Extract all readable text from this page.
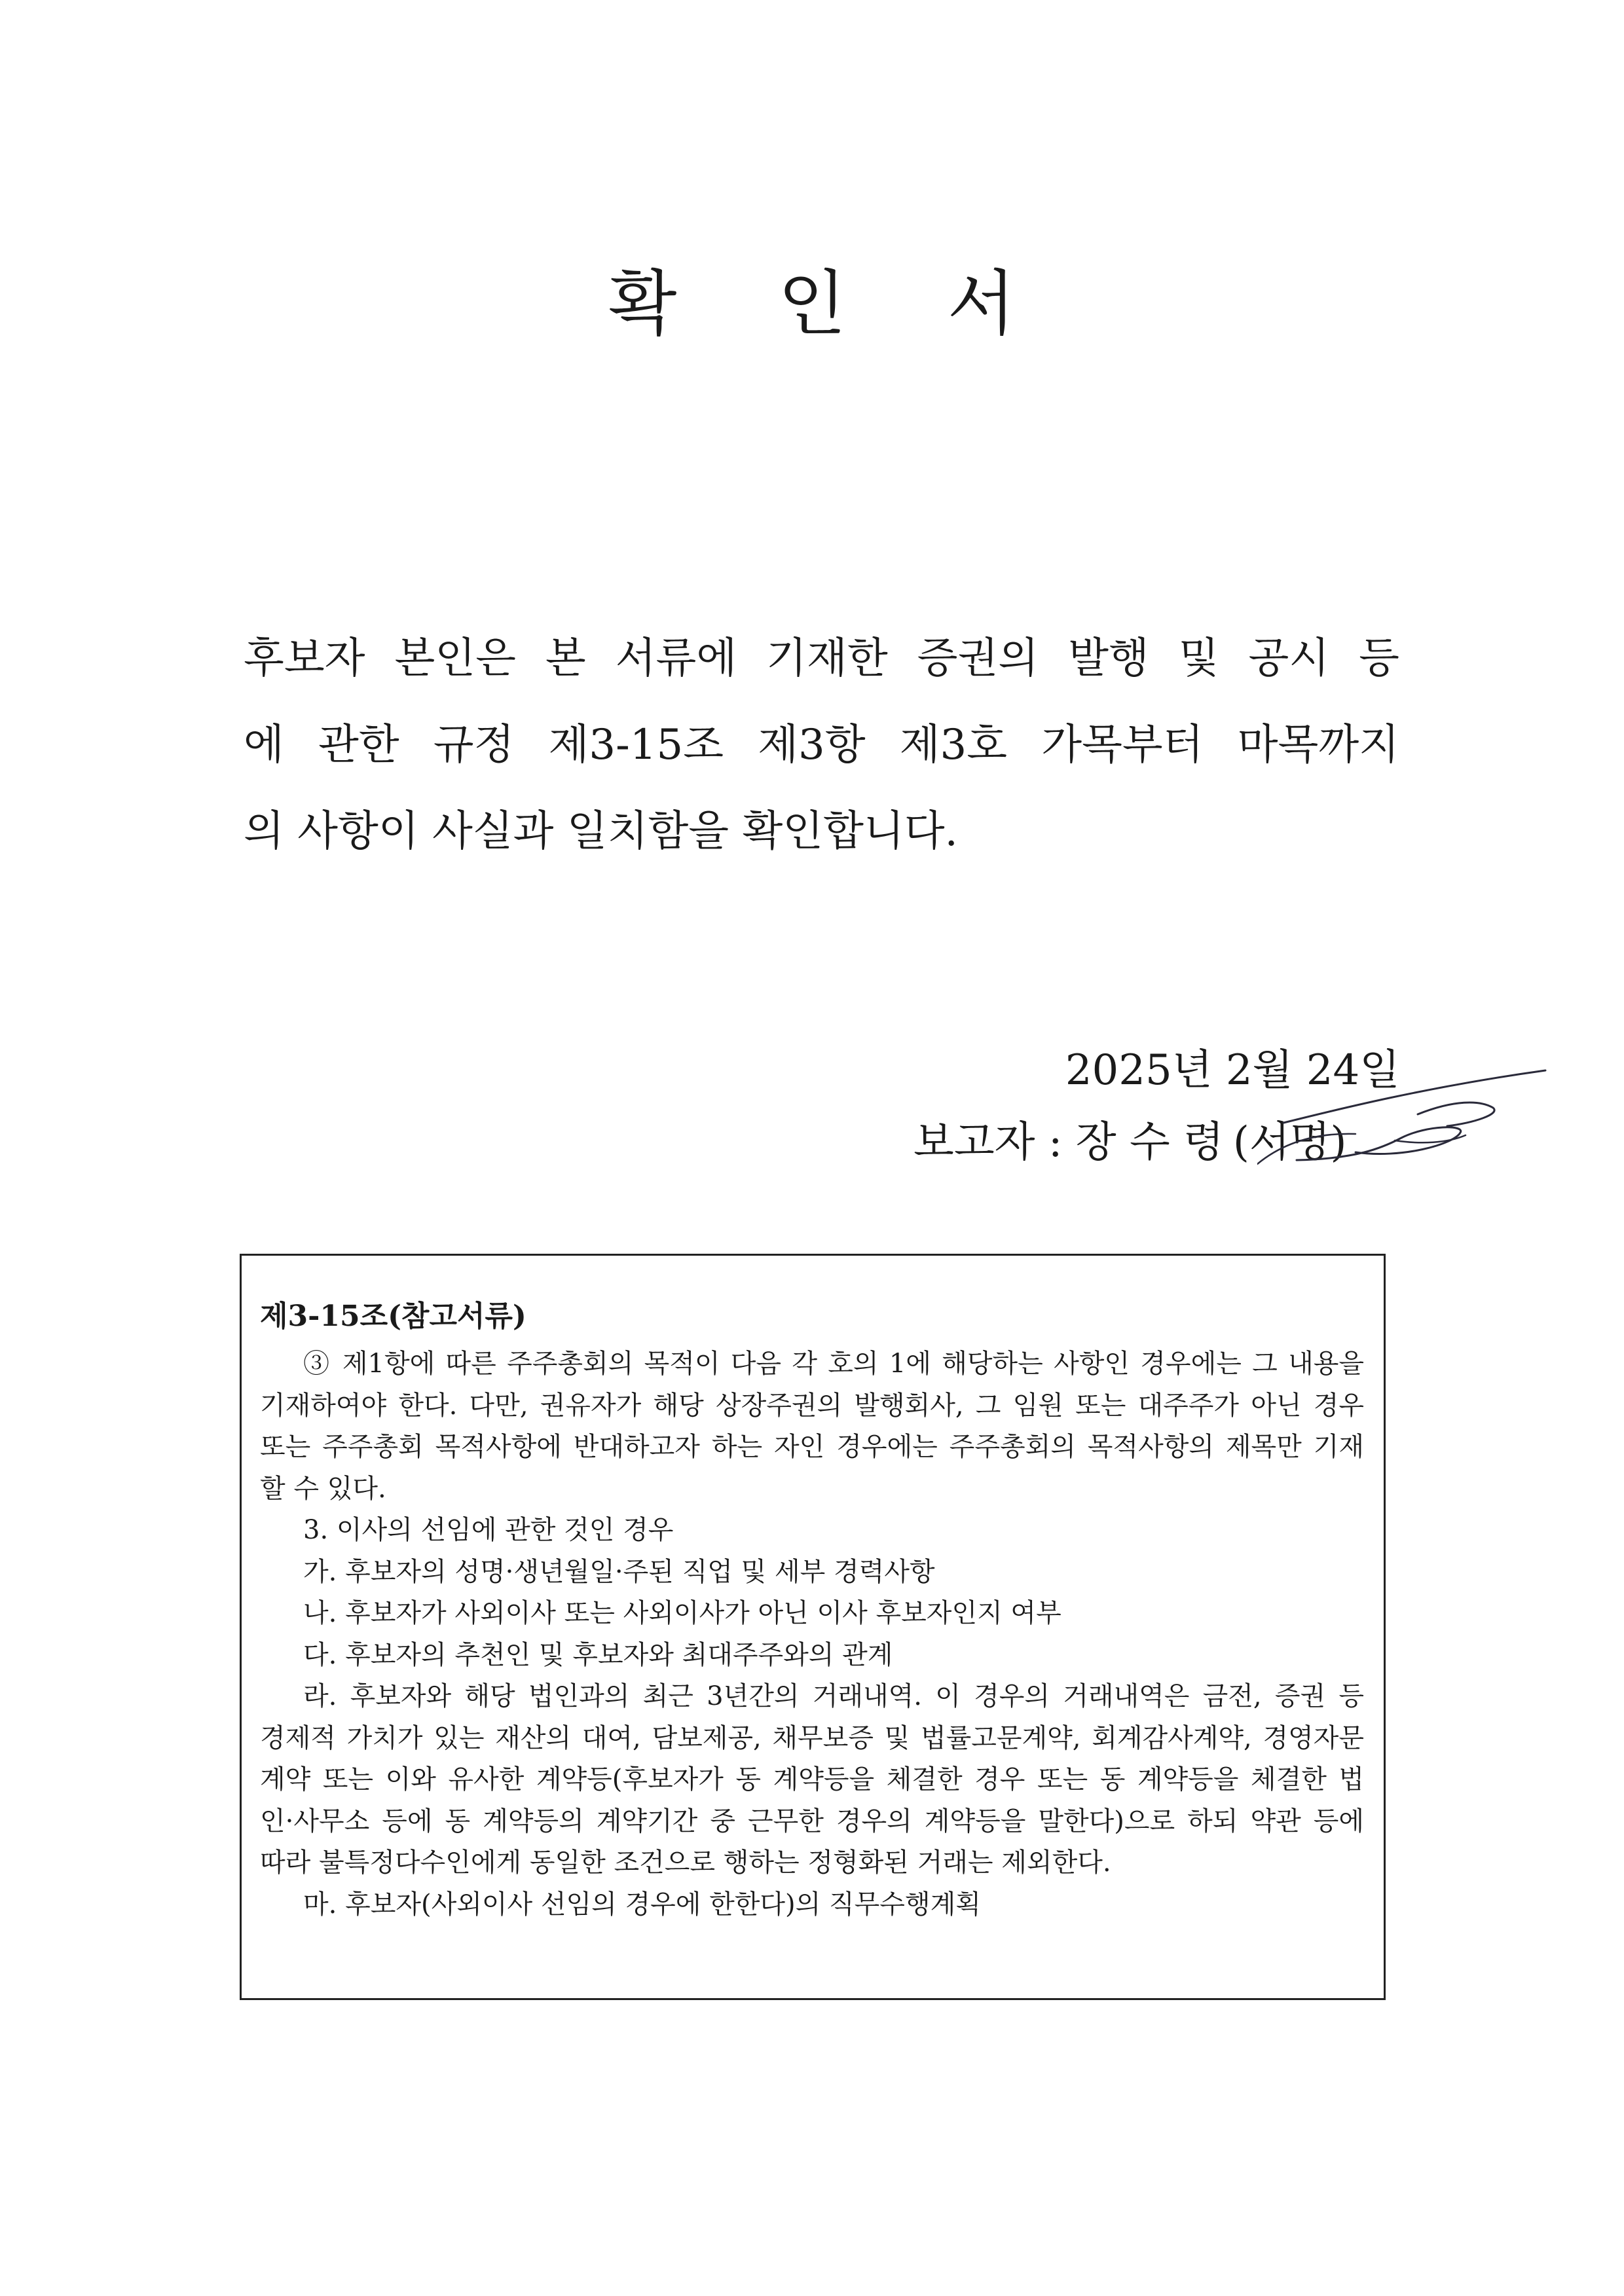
확 인 서
후보자 본인은 본 서류에 기재한 증권의 발행 및 공시 등
에 관한 규정 제3-15조 제3항 제3호 가목부터 마목까지
의 사항이 사실과 일치함을 확인합니다.
2025년 2월 24일
보고자 : 장 수 령 (서명)
제3-15조(참고서류)
③ 제1항에 따른 주주총회의 목적이 다음 각 호의 1에 해당하는 사항인 경우에는 그 내용을
기재하여야 한다. 다만, 권유자가 해당 상장주권의 발행회사, 그 임원 또는 대주주가 아닌 경우
또는 주주총회 목적사항에 반대하고자 하는 자인 경우에는 주주총회의 목적사항의 제목만 기재
할 수 있다.
3. 이사의 선임에 관한 것인 경우
가. 후보자의 성명·생년월일·주된 직업 및 세부 경력사항
나. 후보자가 사외이사 또는 사외이사가 아닌 이사 후보자인지 여부
다. 후보자의 추천인 및 후보자와 최대주주와의 관계
라. 후보자와 해당 법인과의 최근 3년간의 거래내역. 이 경우의 거래내역은 금전, 증권 등
경제적 가치가 있는 재산의 대여, 담보제공, 채무보증 및 법률고문계약, 회계감사계약, 경영자문
계약 또는 이와 유사한 계약등(후보자가 동 계약등을 체결한 경우 또는 동 계약등을 체결한 법
인·사무소 등에 동 계약등의 계약기간 중 근무한 경우의 계약등을 말한다)으로 하되 약관 등에
따라 불특정다수인에게 동일한 조건으로 행하는 정형화된 거래는 제외한다.
마. 후보자(사외이사 선임의 경우에 한한다)의 직무수행계획
